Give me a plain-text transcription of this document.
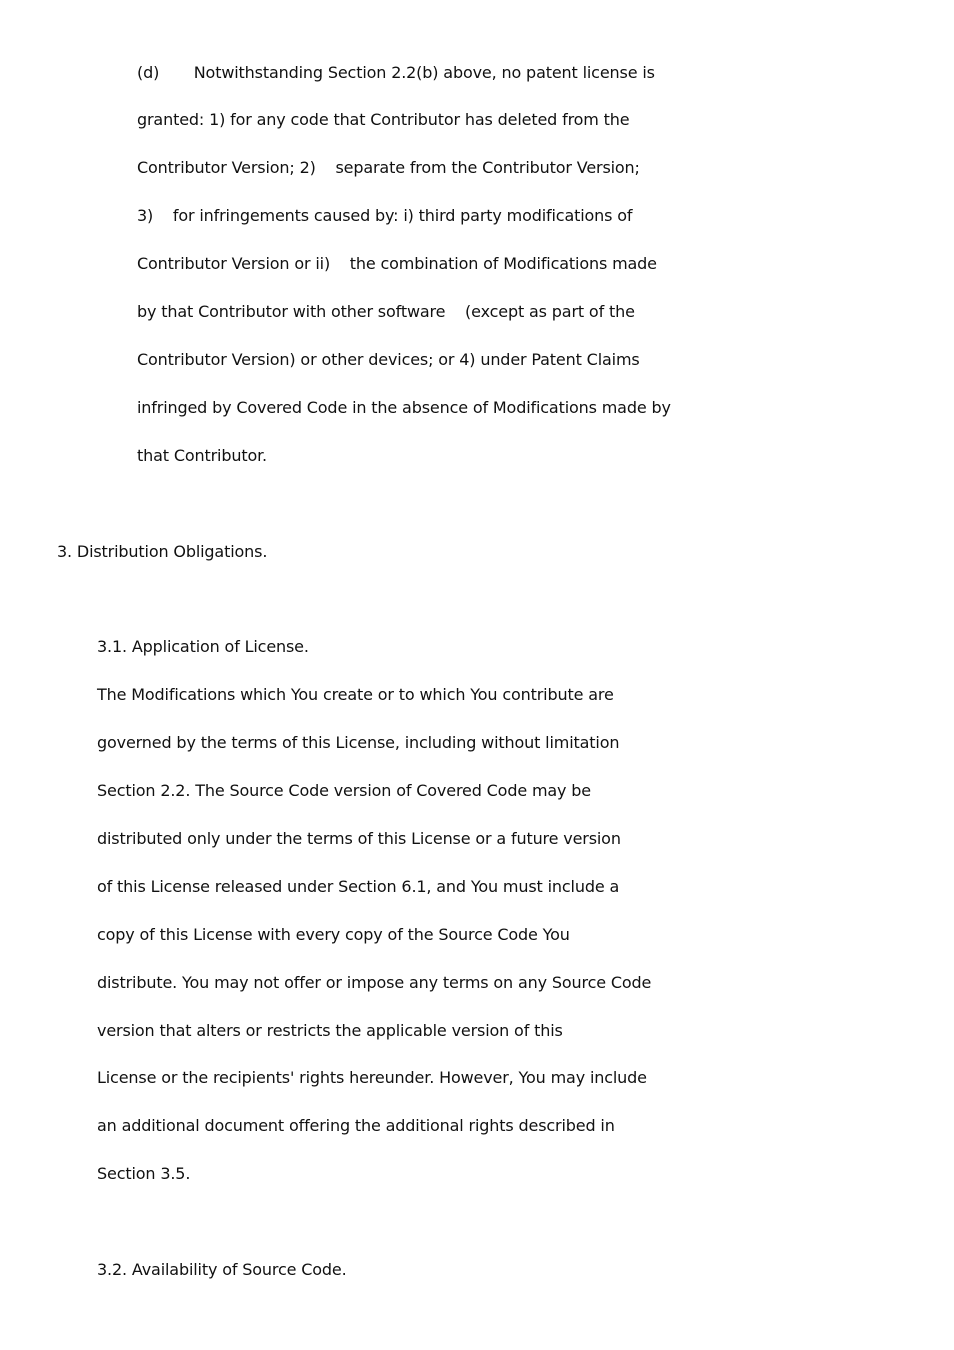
(d)       Notwithstanding Section 2.2(b) above, no patent license is
granted: 1) for any code that Contributor has deleted from the
Contributor Version; 2)    separate from the Contributor Version;
3)    for infringements caused by: i) third party modifications of
Contributor Version or ii)    the combination of Modifications made
by that Contributor with other software    (except as part of the
Contributor Version) or other devices; or 4) under Patent Claims
infringed by Covered Code in the absence of Modifications made by
that Contributor.
3. Distribution Obligations.
3.1. Application of License.
The Modifications which You create or to which You contribute are
governed by the terms of this License, including without limitation
Section 2.2. The Source Code version of Covered Code may be
distributed only under the terms of this License or a future version
of this License released under Section 6.1, and You must include a
copy of this License with every copy of the Source Code You
distribute. You may not offer or impose any terms on any Source Code
version that alters or restricts the applicable version of this
License or the recipients' rights hereunder. However, You may include
an additional document offering the additional rights described in
Section 3.5.
3.2. Availability of Source Code.
